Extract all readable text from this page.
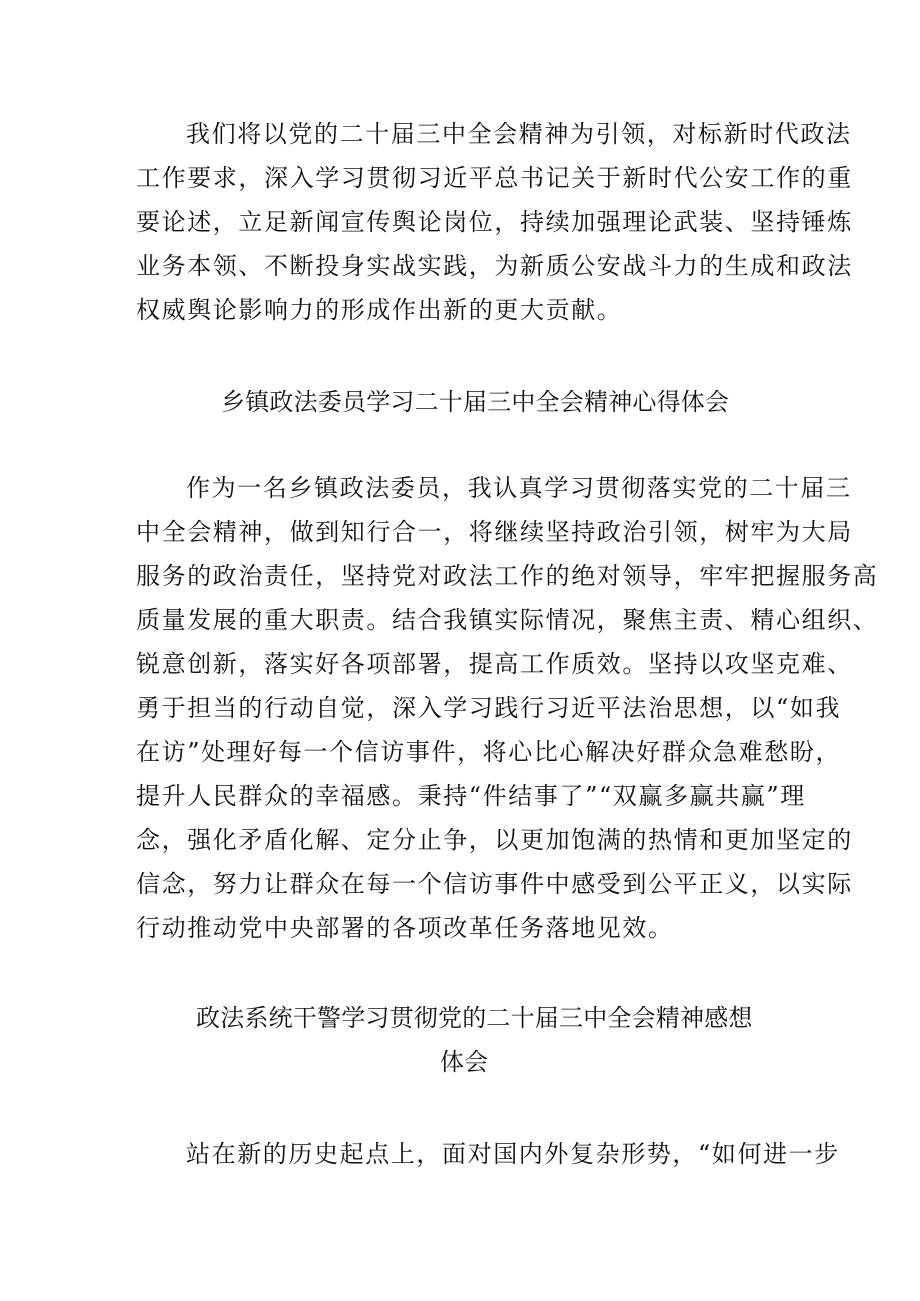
我们将以党的二十届三中全会精神为引领，对标新时代政法

工作要求，深入学习贯彻习近平总书记关于新时代公安工作的重

要论述，立足新闻宣传舆论岗位，持续加强理论武装、坚持锤炼

业务本领、不断投身实战实践，为新质公安战斗力的生成和政法

权威舆论影响力的形成作出新的更大贡献。

乡镇政法委员学习二十届三中全会精神心得体会

作为一名乡镇政法委员，我认真学习贯彻落实党的二十届三

中全会精神，做到知行合一，将继续坚持政治引领，树牢为大局

服务的政治责任，坚持党对政法工作的绝对领导，牢牢把握服务高

质量发展的重大职责。结合我镇实际情况，聚焦主责、精心组织、

锐意创新，落实好各项部署，提高工作质效。坚持以攻坚克难、

勇于担当的行动自觉，深入学习践行习近平法治思想，以“如我

在访”处理好每一个信访事件，将心比心解决好群众急难愁盼，

提升人民群众的幸福感。秉持“件结事了”“双赢多赢共赢”理

念，强化矛盾化解、定分止争，以更加饱满的热情和更加坚定的

信念，努力让群众在每一个信访事件中感受到公平正义，以实际

行动推动党中央部署的各项改革任务落地见效。

政法系统干警学习贯彻党的二十届三中全会精神感想
体会

站在新的历史起点上，面对国内外复杂形势，“如何进一步
